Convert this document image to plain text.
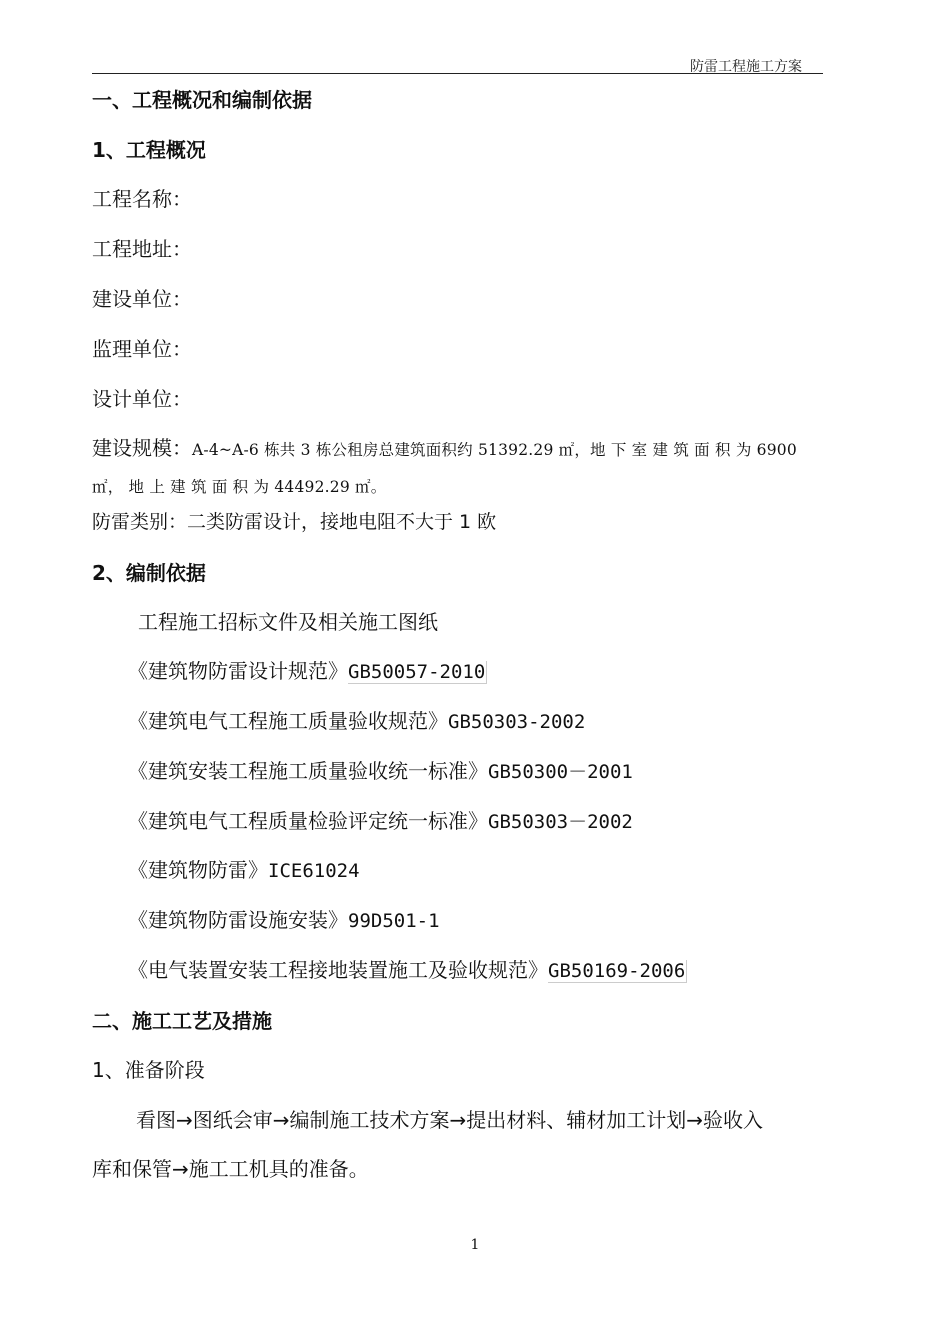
防雷工程施工方案
一、工程概况和编制依据
1、工程概况
工程名称：
工程地址：
建设单位：
监理单位：
设计单位：
建设规模：A-4~A-6 栋共 3 栋公租房总建筑面积约 51392.29 ㎡，地 下 室 建 筑 面 积 为 6900
㎡， 地 上 建 筑 面 积 为 44492.29 ㎡。
防雷类别：二类防雷设计，接地电阻不大于 1 欧
2、编制依据
工程施工招标文件及相关施工图纸
《建筑物防雷设计规范》GB50057-2010
《建筑电气工程施工质量验收规范》GB50303-2002
《建筑安装工程施工质量验收统一标准》GB50300－2001
《建筑电气工程质量检验评定统一标准》GB50303－2002
《建筑物防雷》ICE61024
《建筑物防雷设施安装》99D501-1
《电气装置安装工程接地装置施工及验收规范》GB50169-2006
二、施工工艺及措施
1、准备阶段
看图→图纸会审→编制施工技术方案→提出材料、辅材加工计划→验收入
库和保管→施工工机具的准备。
1
